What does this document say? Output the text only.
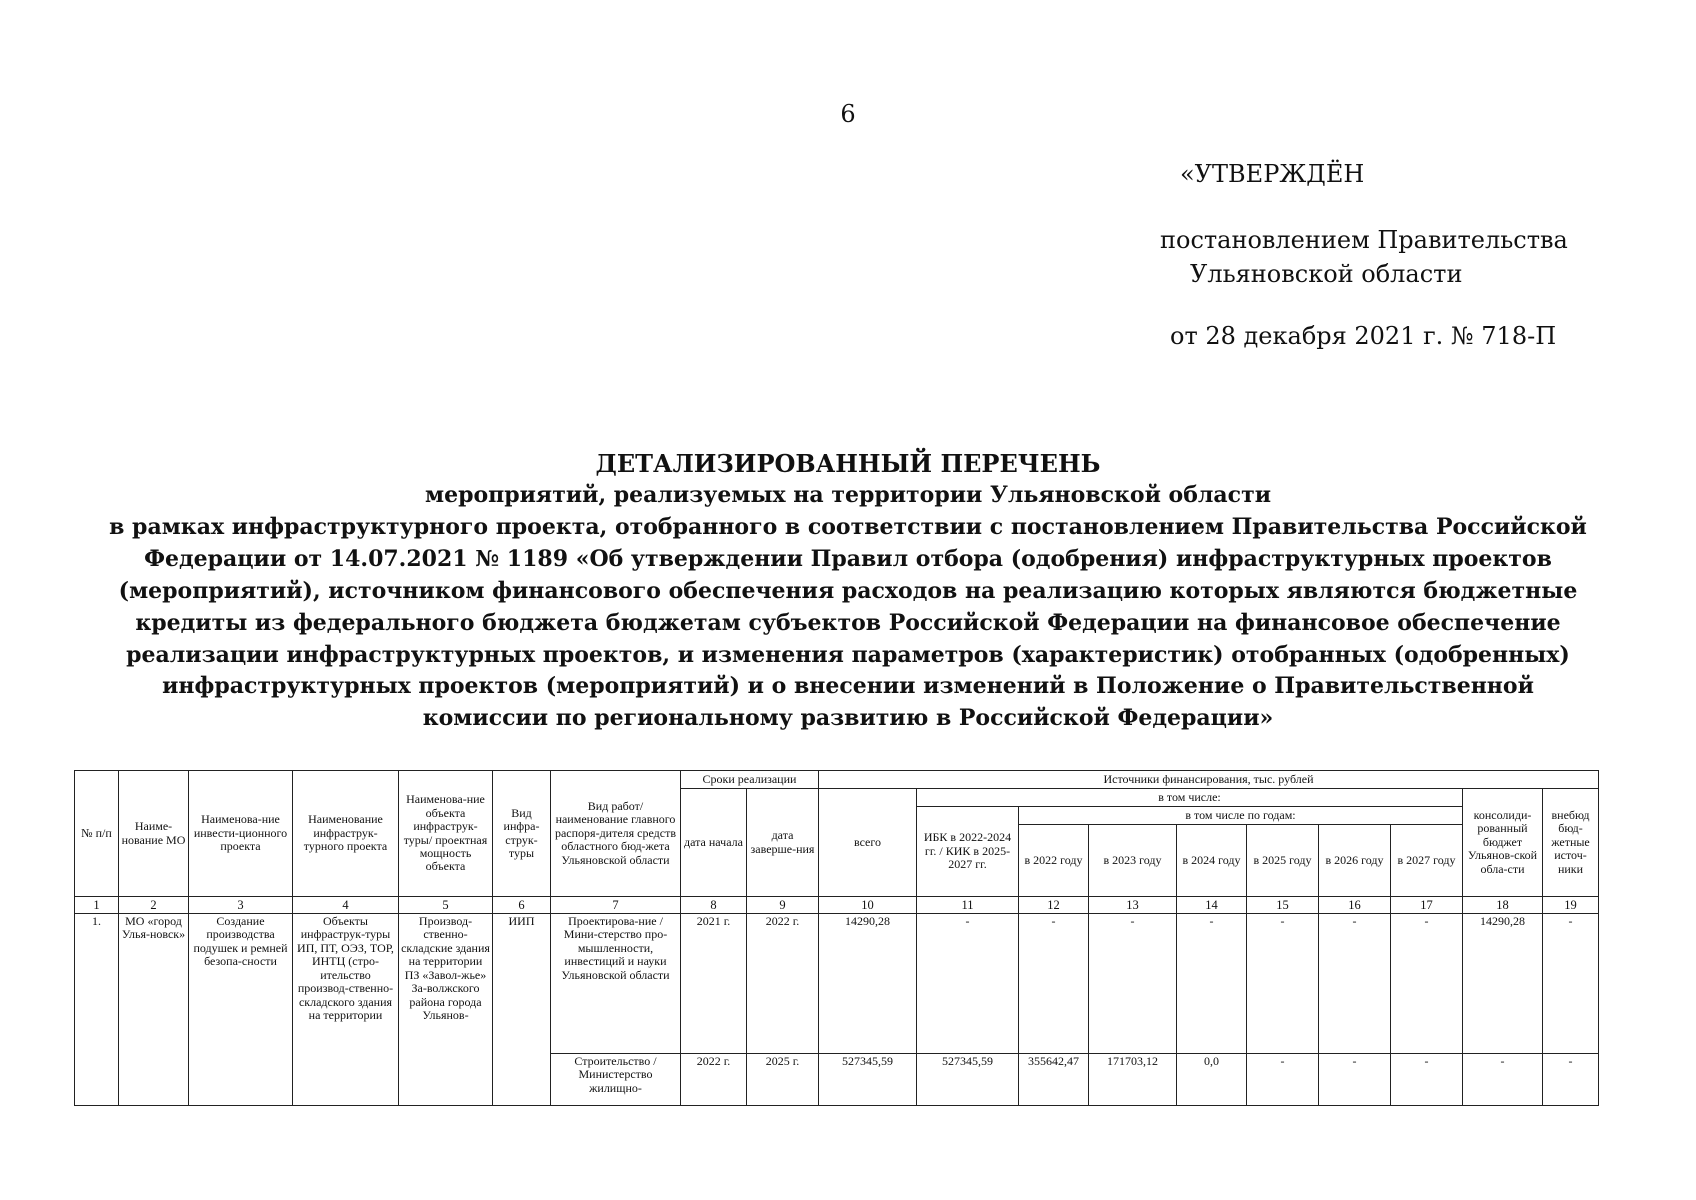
6
«УТВЕРЖДЁН
постановлением Правительства
Ульяновской области
от 28 декабря 2021 г. № 718-П
ДЕТАЛИЗИРОВАННЫЙ ПЕРЕЧЕНЬ
мероприятий, реализуемых на территории Ульяновской области
в рамках инфраструктурного проекта, отобранного в соответствии с постановлением Правительства Российской
Федерации от 14.07.2021 № 1189 «Об утверждении Правил отбора (одобрения) инфраструктурных проектов
(мероприятий), источником финансового обеспечения расходов на реализацию которых являются бюджетные
кредиты из федерального бюджета бюджетам субъектов Российской Федерации на финансовое обеспечение
реализации инфраструктурных проектов, и изменения параметров (характеристик) отобранных (одобренных)
инфраструктурных проектов (мероприятий) и о внесении изменений в Положение о Правительственной
комиссии по региональному развитию в Российской Федерации»
№ п/п	Наиме-нование МО	Наименова-ние инвести-ционного проекта	Наименование инфраструк-турного проекта	Наименова-ние объекта инфраструк-туры/ проектная мощность объекта	Вид инфра-струк-туры	Вид работ/ наименование главного распоря-дителя средств областного бюд-жета Ульяновской области	Сроки реализации		Источники финансирования, тыс. рублей									
							дата начала	дата заверше-ния	всего	в том числе:							консолиди-рованный бюджет Ульянов-ской обла-сти	внебюд бюд-жетные источ-ники
										ИБК в 2022-2024 гг. / КИК в 2025-2027 гг.	в том числе по годам:							
											в 2022 году	в 2023 году	в 2024 году	в 2025 году	в 2026 году	в 2027 году		
1	2	3	4	5	6	7	8	9	10	11	12	13	14	15	16	17	18	19
1.	МО «город Улья-новск»	Создание производства подушек и ремней безопа-сности	Объекты инфраструк-туры ИП, ПТ, ОЭЗ, ТОР, ИНТЦ (стро-ительство производ-ственно-складского здания на территории	Производ-ственно-складские здания на территории ПЗ «Завол-жье» За-волжского района города Ульянов-	ИИП	Проектирова-ние / Мини-стерство про-мышленности, инвестиций и науки Ульяновской области	2021 г.	2022 г.	14290,28	-	-	-	-	-	-	-	14290,28	-
						Строительство / Министерство жилищно-	2022 г.	2025 г.	527345,59	527345,59	355642,47	171703,12	0,0	-	-	-	-	-
